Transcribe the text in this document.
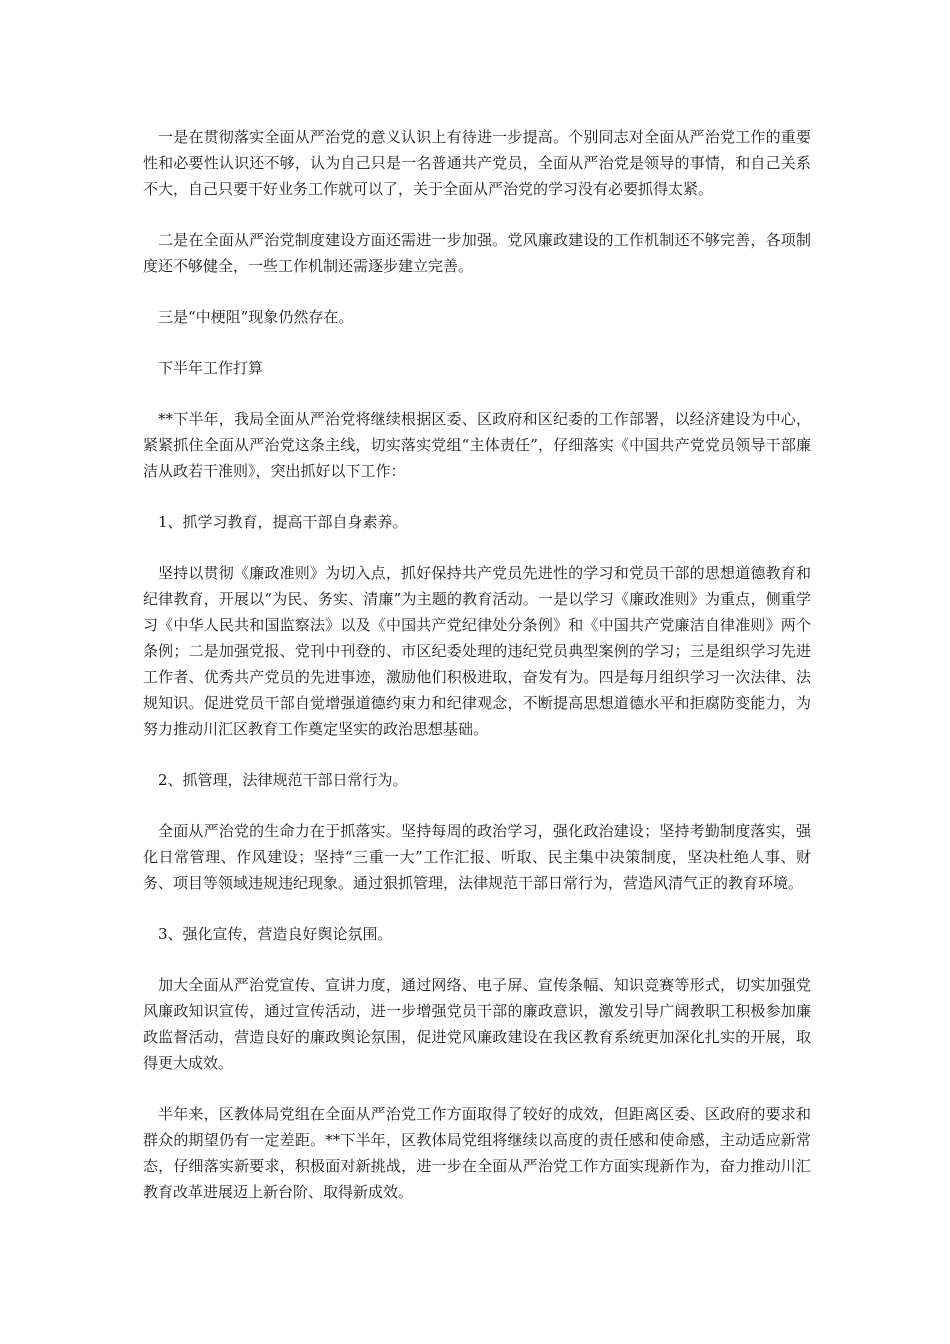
一是在贯彻落实全面从严治党的意义认识上有待进一步提高。个别同志对全面从严治党工作的重要性和必要性认识还不够，认为自己只是一名普通共产党员，全面从严治党是领导的事情，和自己关系不大，自己只要干好业务工作就可以了，关于全面从严治党的学习没有必要抓得太紧。

二是在全面从严治党制度建设方面还需进一步加强。党风廉政建设的工作机制还不够完善，各项制度还不够健全，一些工作机制还需逐步建立完善。

三是“中梗阻”现象仍然存在。

下半年工作打算

**下半年，我局全面从严治党将继续根据区委、区政府和区纪委的工作部署，以经济建设为中心，紧紧抓住全面从严治党这条主线，切实落实党组“主体责任”，仔细落实《中国共产党党员领导干部廉洁从政若干准则》，突出抓好以下工作：

1、抓学习教育，提高干部自身素养。

坚持以贯彻《廉政准则》为切入点，抓好保持共产党员先进性的学习和党员干部的思想道德教育和纪律教育，开展以“为民、务实、清廉”为主题的教育活动。一是以学习《廉政准则》为重点，侧重学习《中华人民共和国监察法》以及《中国共产党纪律处分条例》和《中国共产党廉洁自律准则》两个条例；二是加强党报、党刊中刊登的、市区纪委处理的违纪党员典型案例的学习；三是组织学习先进工作者、优秀共产党员的先进事迹，激励他们积极进取，奋发有为。四是每月组织学习一次法律、法规知识。促进党员干部自觉增强道德约束力和纪律观念，不断提高思想道德水平和拒腐防变能力，为努力推动川汇区教育工作奠定坚实的政治思想基础。

2、抓管理，法律规范干部日常行为。

全面从严治党的生命力在于抓落实。坚持每周的政治学习，强化政治建设；坚持考勤制度落实，强化日常管理、作风建设；坚持“三重一大”工作汇报、听取、民主集中决策制度，坚决杜绝人事、财务、项目等领域违规违纪现象。通过狠抓管理，法律规范干部日常行为，营造风清气正的教育环境。

3、强化宣传，营造良好舆论氛围。

加大全面从严治党宣传、宣讲力度，通过网络、电子屏、宣传条幅、知识竞赛等形式，切实加强党风廉政知识宣传，通过宣传活动，进一步增强党员干部的廉政意识，激发引导广阔教职工积极参加廉政监督活动，营造良好的廉政舆论氛围，促进党风廉政建设在我区教育系统更加深化扎实的开展，取得更大成效。

半年来，区教体局党组在全面从严治党工作方面取得了较好的成效，但距离区委、区政府的要求和群众的期望仍有一定差距。**下半年，区教体局党组将继续以高度的责任感和使命感，主动适应新常态，仔细落实新要求，积极面对新挑战，进一步在全面从严治党工作方面实现新作为，奋力推动川汇教育改革进展迈上新台阶、取得新成效。
